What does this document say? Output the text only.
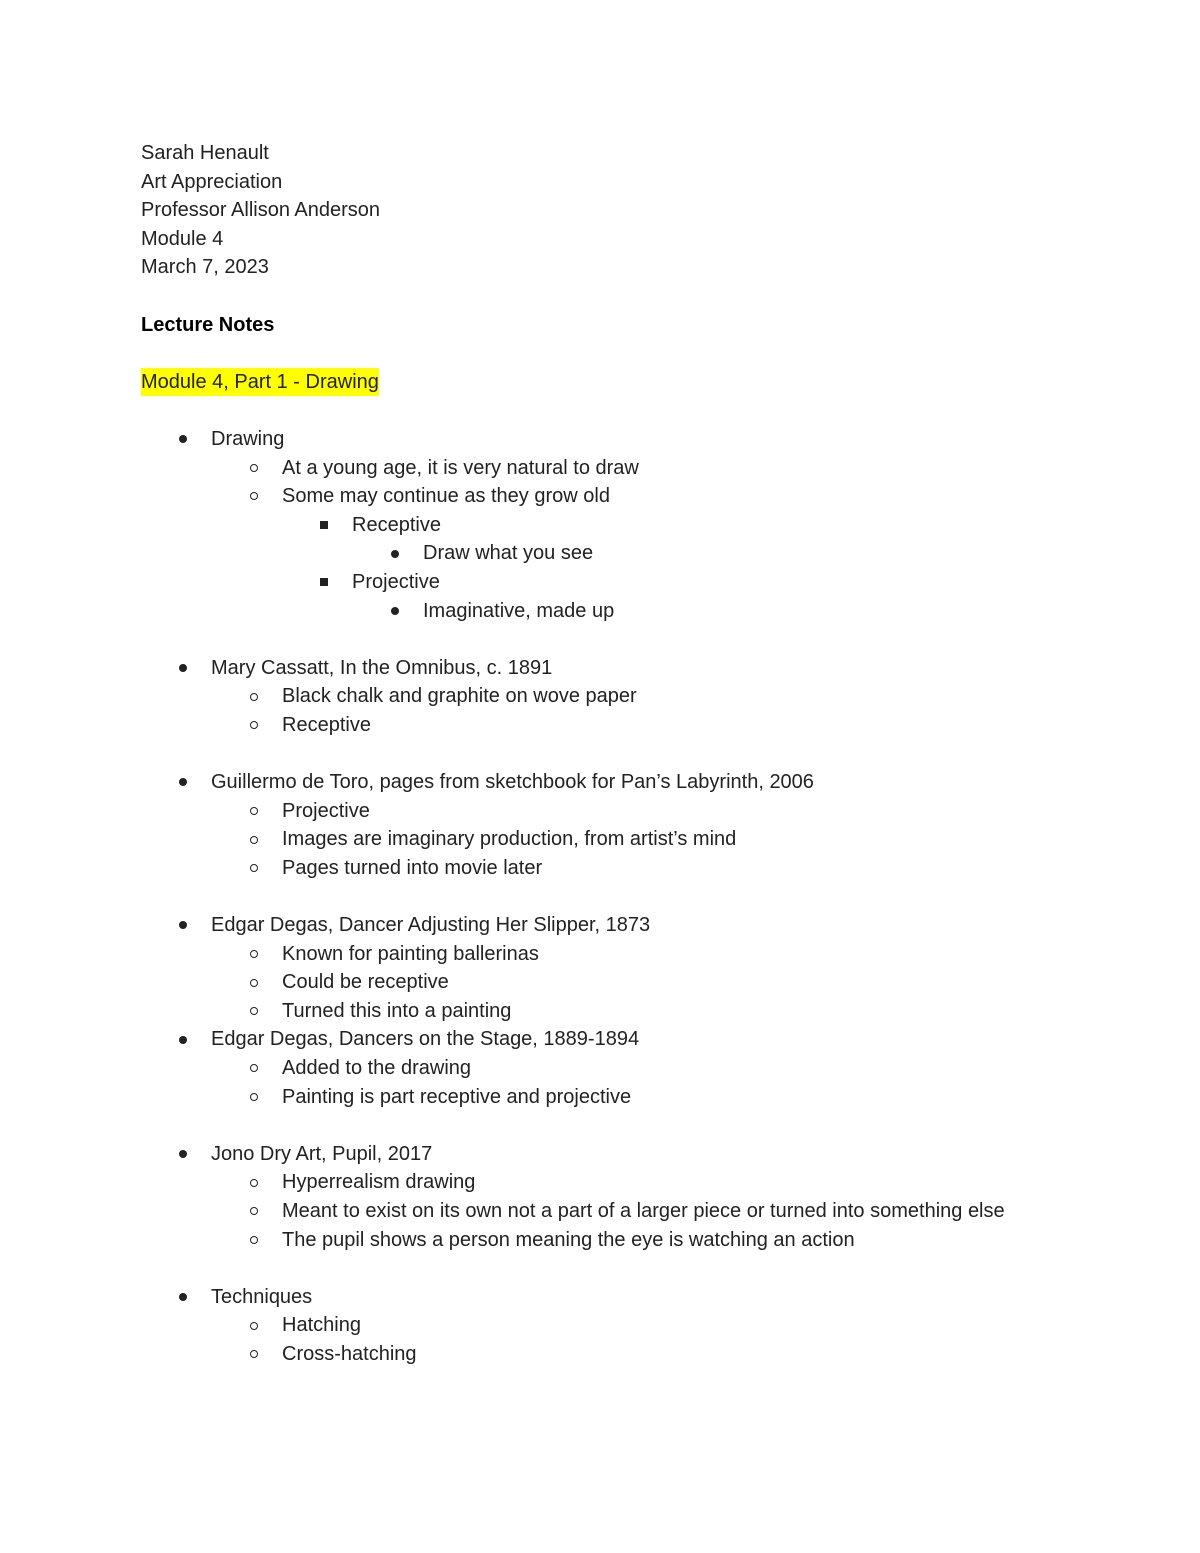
Sarah Henault
Art Appreciation
Professor Allison Anderson
Module 4
March 7, 2023
Lecture Notes
Module 4, Part 1 - Drawing
Drawing
At a young age, it is very natural to draw
Some may continue as they grow old
Receptive
Draw what you see
Projective
Imaginative, made up
Mary Cassatt, In the Omnibus, c. 1891
Black chalk and graphite on wove paper
Receptive
Guillermo de Toro, pages from sketchbook for Pan’s Labyrinth, 2006
Projective
Images are imaginary production, from artist’s mind
Pages turned into movie later
Edgar Degas, Dancer Adjusting Her Slipper, 1873
Known for painting ballerinas
Could be receptive
Turned this into a painting
Edgar Degas, Dancers on the Stage, 1889-1894
Added to the drawing
Painting is part receptive and projective
Jono Dry Art, Pupil, 2017
Hyperrealism drawing
Meant to exist on its own not a part of a larger piece or turned into something else
The pupil shows a person meaning the eye is watching an action
Techniques
Hatching
Cross-hatching
